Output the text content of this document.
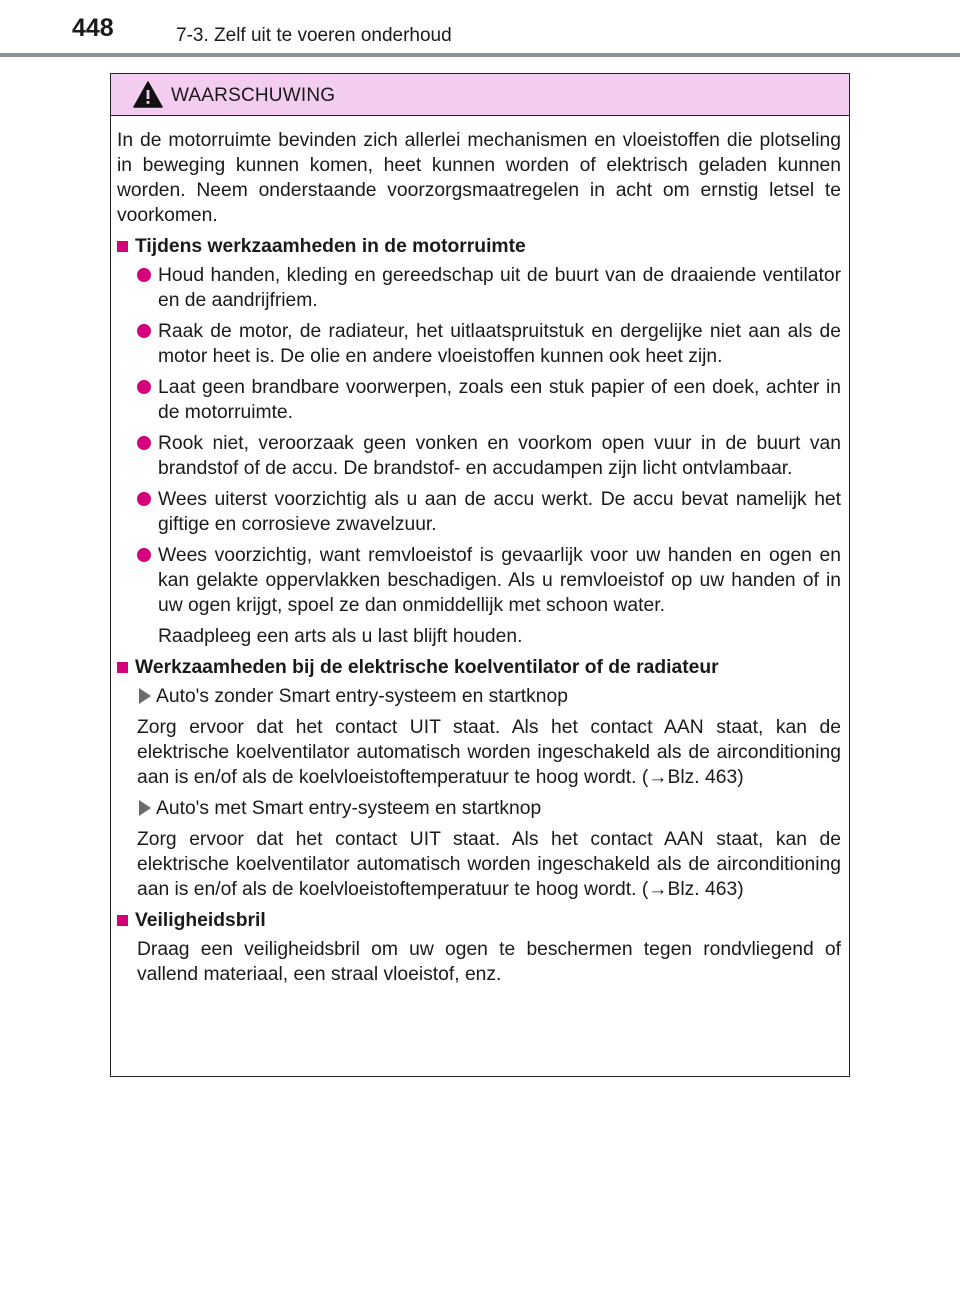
448	7-3. Zelf uit te voeren onderhoud
WAARSCHUWING

In de motorruimte bevinden zich allerlei mechanismen en vloeistoffen die plotseling in beweging kunnen komen, heet kunnen worden of elektrisch geladen kunnen worden. Neem onderstaande voorzorgsmaatregelen in acht om ernstig letsel te voorkomen.

Tijdens werkzaamheden in de motorruimte
Houd handen, kleding en gereedschap uit de buurt van de draaiende ventilator en de aandrijfriem.
Raak de motor, de radiateur, het uitlaatspruitstuk en dergelijke niet aan als de motor heet is. De olie en andere vloeistoffen kunnen ook heet zijn.
Laat geen brandbare voorwerpen, zoals een stuk papier of een doek, achter in de motorruimte.
Rook niet, veroorzaak geen vonken en voorkom open vuur in de buurt van brandstof of de accu. De brandstof- en accudampen zijn licht ontvlambaar.
Wees uiterst voorzichtig als u aan de accu werkt. De accu bevat namelijk het giftige en corrosieve zwavelzuur.
Wees voorzichtig, want remvloeistof is gevaarlijk voor uw handen en ogen en kan gelakte oppervlakken beschadigen. Als u remvloeistof op uw handen of in uw ogen krijgt, spoel ze dan onmiddellijk met schoon water.

Raadpleeg een arts als u last blijft houden.

Werkzaamheden bij de elektrische koelventilator of de radiateur
Auto's zonder Smart entry-systeem en startknop

Zorg ervoor dat het contact UIT staat. Als het contact AAN staat, kan de elektrische koelventilator automatisch worden ingeschakeld als de airconditioning aan is en/of als de koelvloeistoftemperatuur te hoog wordt. (→Blz. 463)

Auto's met Smart entry-systeem en startknop

Zorg ervoor dat het contact UIT staat. Als het contact AAN staat, kan de elektrische koelventilator automatisch worden ingeschakeld als de airconditioning aan is en/of als de koelvloeistoftemperatuur te hoog wordt. (→Blz. 463)

Veiligheidsbril

Draag een veiligheidsbril om uw ogen te beschermen tegen rondvliegend of vallend materiaal, een straal vloeistof, enz.
